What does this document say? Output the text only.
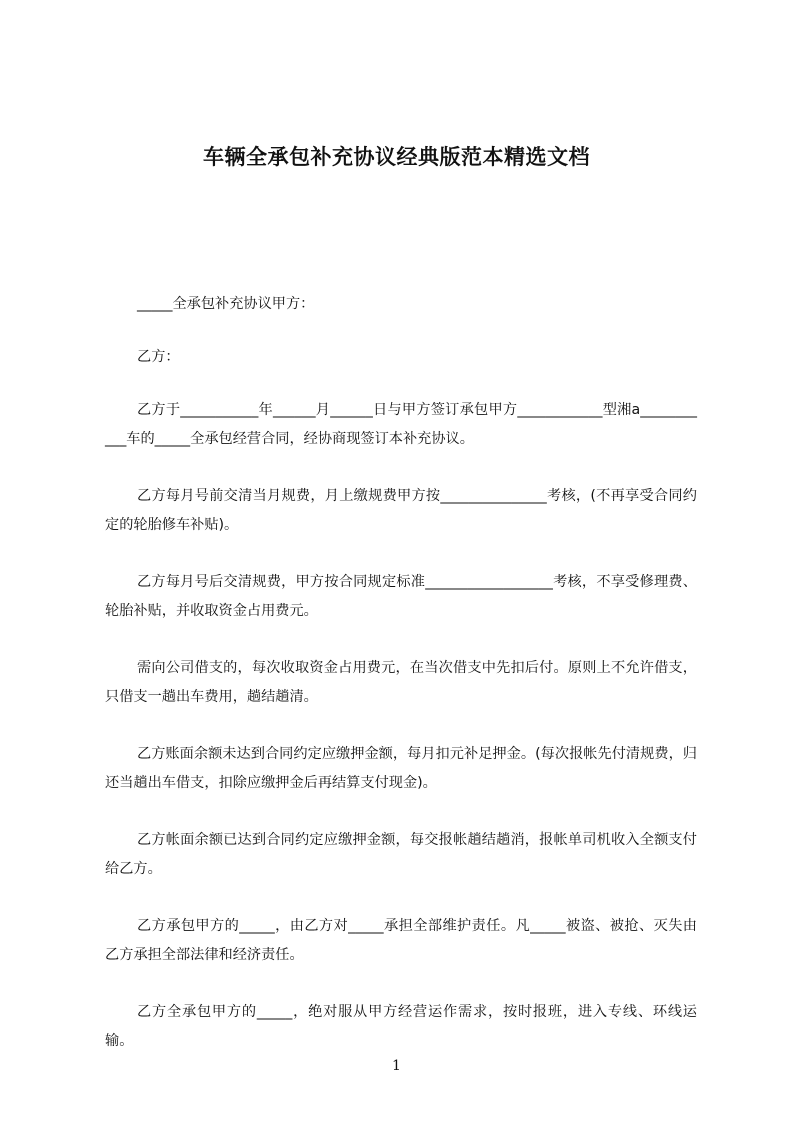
车辆全承包补充协议经典版范本精选文档

_____全承包补充协议甲方：

乙方：

乙方于___________年______月______日与甲方签订承包甲方____________型湘a___________车的_____全承包经营合同，经协商现签订本补充协议。

乙方每月号前交清当月规费，月上缴规费甲方按_______________考核，(不再享受合同约定的轮胎修车补贴)。

乙方每月号后交清规费，甲方按合同规定标准__________________考核，不享受修理费、轮胎补贴，并收取资金占用费元。

需向公司借支的，每次收取资金占用费元，在当次借支中先扣后付。原则上不允许借支，只借支一趟出车费用，趟结趟清。

乙方账面余额未达到合同约定应缴押金额，每月扣元补足押金。(每次报帐先付清规费，归还当趟出车借支，扣除应缴押金后再结算支付现金)。

乙方帐面余额已达到合同约定应缴押金额，每交报帐趟结趟消，报帐单司机收入全额支付给乙方。

乙方承包甲方的_____，由乙方对_____承担全部维护责任。凡_____被盗、被抢、灭失由乙方承担全部法律和经济责任。

乙方全承包甲方的_____，绝对服从甲方经营运作需求，按时报班，进入专线、环线运输。

1
